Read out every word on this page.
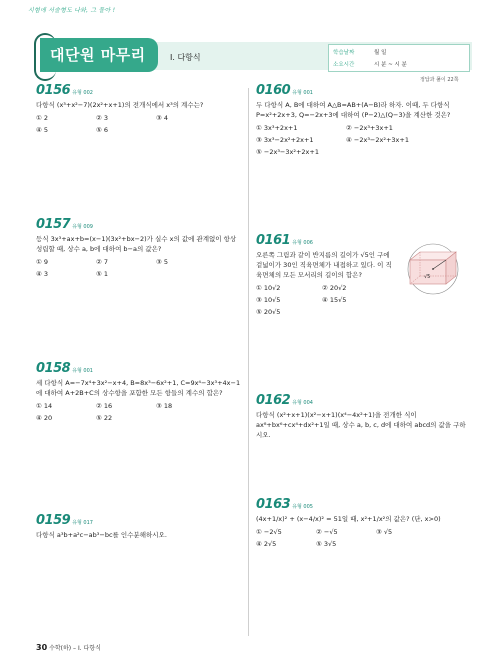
시험에 서술형도 나와, 그 돌아 !
대단원 마무리	Ⅰ. 다항식	학습날짜	월 일
소요시간	시 분 ~ 시 분
정답과 풀이 22쪽
0156 유형 002

다항식 (x³+x²−7)(2x²+x+1)의 전개식에서 x³의 계수는?

① 2	② 3	③ 4
④ 5	⑤ 6
0157 유형 009

등식 3x³+ax+b=(x−1)(3x²+bx−2)가 실수 x의 값에 관계없이 항상 성립할 때, 상수 a, b에 대하여 b−a의 값은?

① 9	② 7	③ 5
④ 3	⑤ 1
0158 유형 001

세 다항식 A=−7x⁴+3x²−x+4, B=8x³−6x²+1, C=9x⁴−3x³+4x−1에 대하여 A+2B+C의 상수항을 포함한 모든 항들의 계수의 합은?

① 14	② 16	③ 18
④ 20	⑤ 22
0159 유형 017

다항식 a³b+a²c−ab³−bc를 인수분해하시오.

0160 유형 001

두 다항식 A, B에 대하여 A△B=AB+(A−B)라 하자. 이때, 두 다항식 P=x²+2x+3, Q=−2x+3에 대하여 (P−2)△(Q−3)을 계산한 것은?

① 3x³+2x+1	② −2x³+3x+1
③ 3x³−2x²+2x+1	④ −2x³−2x²+3x+1
⑤ −2x³−3x²+2x+1
0161 유형 006

오른쪽 그림과 같이 반지름의 길이가 √5인 구에 겉넓이가 30인 직육면체가 내접하고 있다. 이 직육면체의 모든 모서리의 길이의 합은?

① 10√2	② 20√2
③ 10√5	④ 15√5
⑤ 20√5
√5
0162 유형 004

다항식 (x²+x+1)(x²−x+1)(x⁴−4x²+1)을 전개한 식이 ax⁸+bx⁶+cx⁴+dx²+1일 때, 상수 a, b, c, d에 대하여 abcd의 값을 구하시오.

0163 유형 005

(4x+1/x)² + (x−4/x)² = 51일 때, x²+1/x²의 값은? (단, x>0)

① −2√5	② −√5	③ √5
④ 2√5	⑤ 3√5
30 수학(하) – Ⅰ. 다항식
